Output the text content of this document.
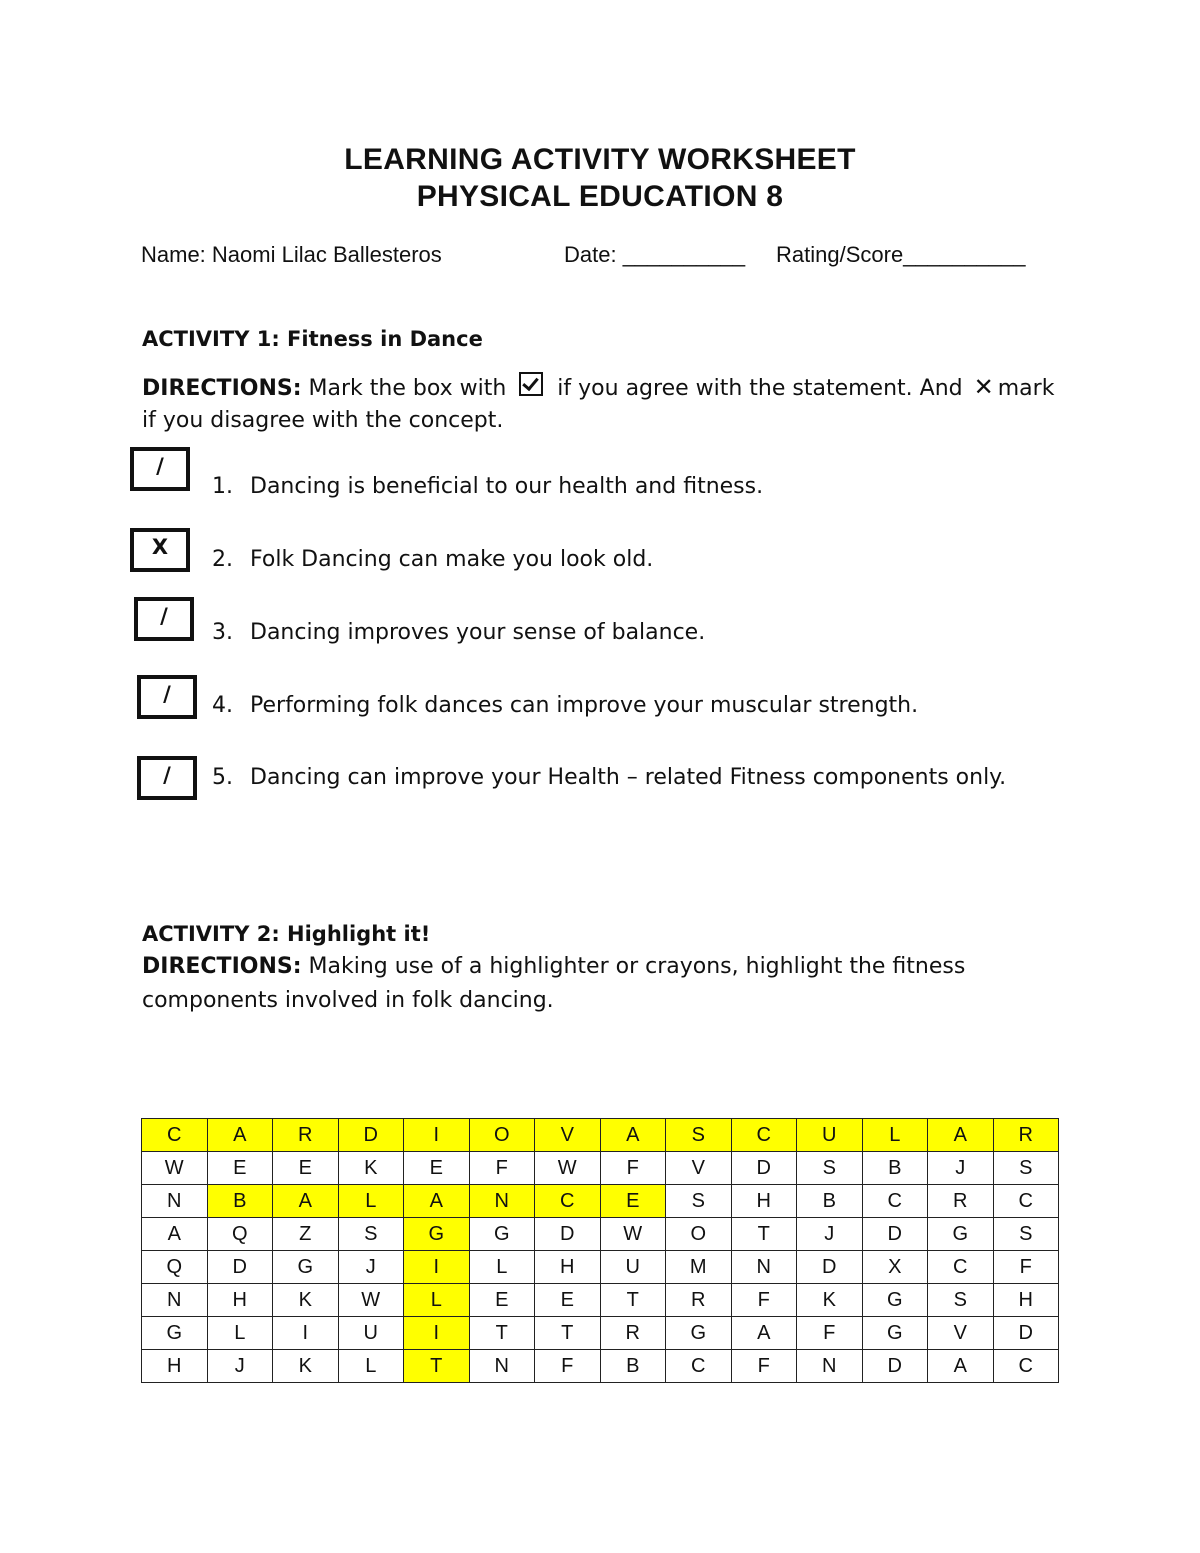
LEARNING ACTIVITY WORKSHEET
PHYSICAL EDUCATION 8
Name: Naomi Lilac Ballesteros	Date: __________ Rating/Score__________
ACTIVITY 1: Fitness in Dance
DIRECTIONS: Mark the box with if you agree with the statement. And ✕ mark
if you disagree with the concept.
/
1. Dancing is beneficial to our health and fitness.
X	2. Folk Dancing can make you look old.
/
3. Dancing improves your sense of balance.
/	4. Performing folk dances can improve your muscular strength.
/	5. Dancing can improve your Health – related Fitness components only.
ACTIVITY 2: Highlight it!
DIRECTIONS: Making use of a highlighter or crayons, highlight the fitness
components involved in folk dancing.
C	A	R	D	I	O	V	A	S	C	U	L	A	R
W	E	E	K	E	F	W	F	V	D	S	B	J	S
N	B	A	L	A	N	C	E	S	H	B	C	R	C
A	Q	Z	S	G	G	D	W	O	T	J	D	G	S
Q	D	G	J	I	L	H	U	M	N	D	X	C	F
N	H	K	W	L	E	E	T	R	F	K	G	S	H
G	L	I	U	I	T	T	R	G	A	F	G	V	D
H	J	K	L	T	N	F	B	C	F	N	D	A	C
